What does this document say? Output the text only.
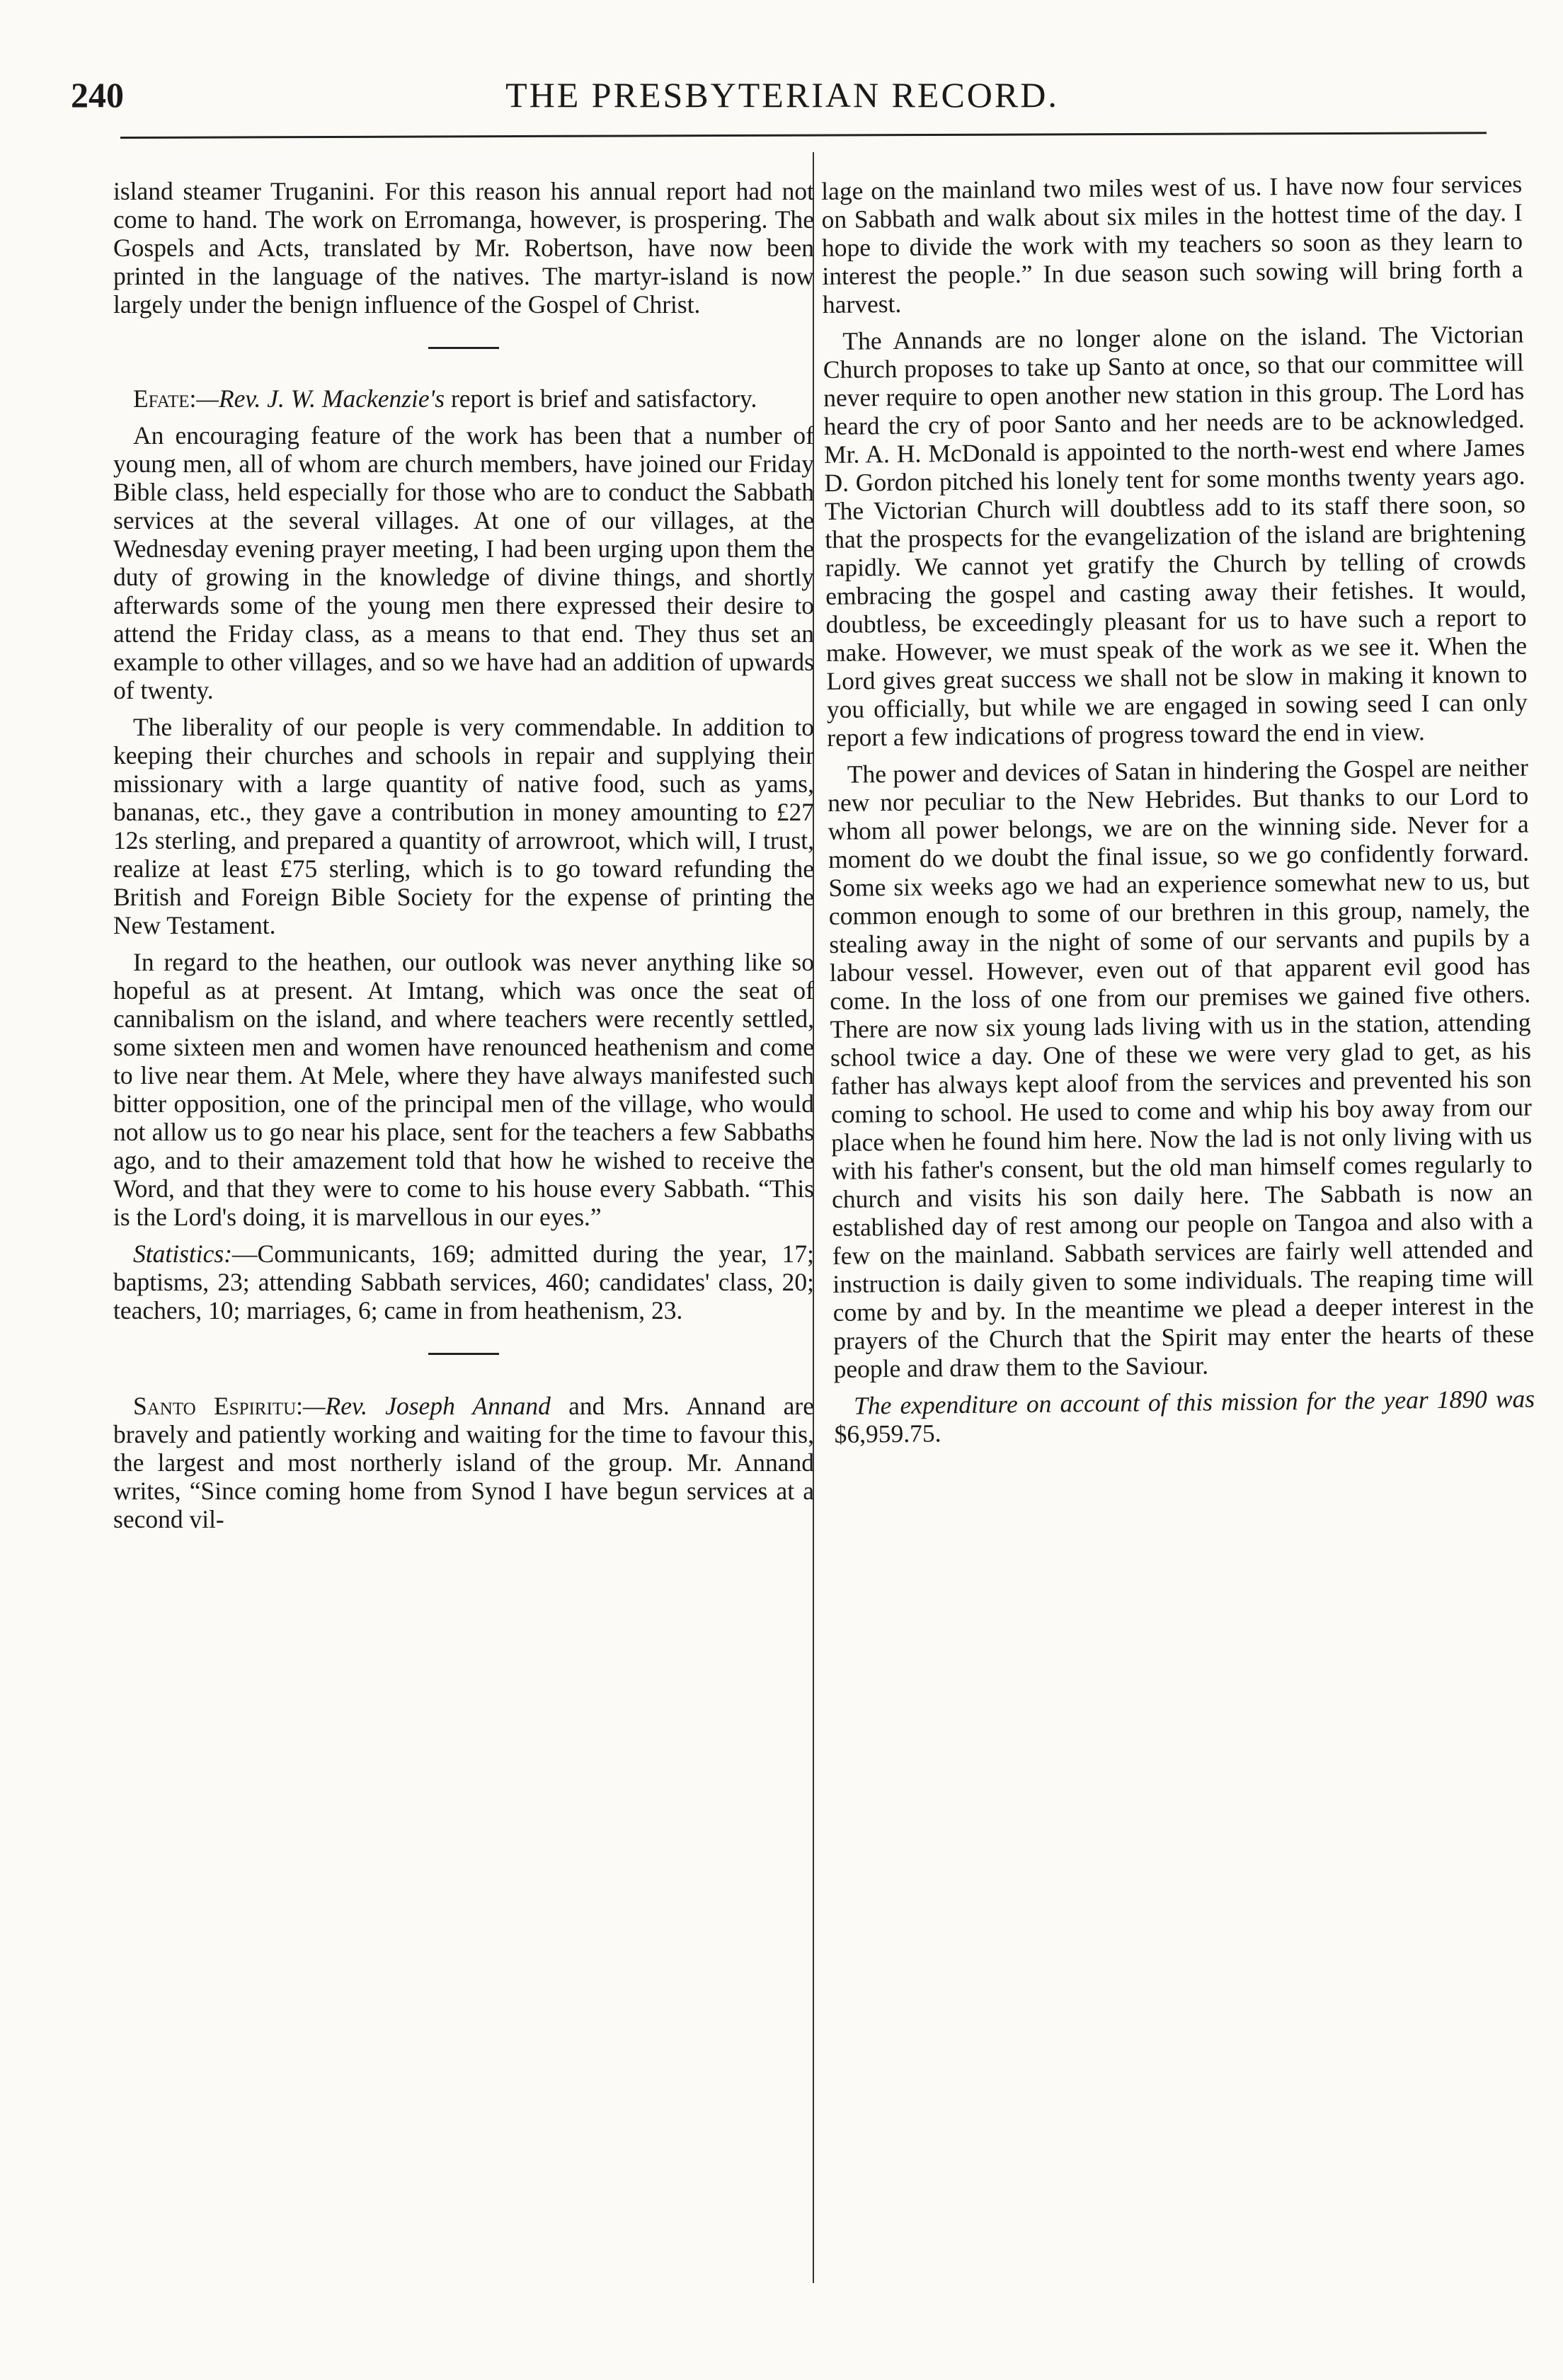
240	THE PRESBYTERIAN RECORD.

island steamer Truganini. For this reason his annual report had not come to hand. The work on Erromanga, however, is prospering. The Gospels and Acts, translated by Mr. Robertson, have now been printed in the language of the natives. The martyr-island is now largely under the benign influence of the Gospel of Christ.

Efate:—Rev. J. W. Mackenzie's report is brief and satisfactory.

An encouraging feature of the work has been that a number of young men, all of whom are church members, have joined our Friday Bible class, held especially for those who are to conduct the Sabbath services at the several villages. At one of our villages, at the Wednesday evening prayer meeting, I had been urging upon them the duty of growing in the knowledge of divine things, and shortly afterwards some of the young men there expressed their desire to attend the Friday class, as a means to that end. They thus set an example to other villages, and so we have had an addition of upwards of twenty.

The liberality of our people is very commendable. In addition to keeping their churches and schools in repair and supplying their missionary with a large quantity of native food, such as yams, bananas, etc., they gave a contribution in money amounting to £27 12s sterling, and prepared a quantity of arrowroot, which will, I trust, realize at least £75 sterling, which is to go toward refunding the British and Foreign Bible Society for the expense of printing the New Testament.

In regard to the heathen, our outlook was never anything like so hopeful as at present. At Imtang, which was once the seat of cannibalism on the island, and where teachers were recently settled, some sixteen men and women have renounced heathenism and come to live near them. At Mele, where they have always manifested such bitter opposition, one of the principal men of the village, who would not allow us to go near his place, sent for the teachers a few Sabbaths ago, and to their amazement told that how he wished to receive the Word, and that they were to come to his house every Sabbath. “This is the Lord's doing, it is marvellous in our eyes.”

Statistics:—Communicants, 169; admitted during the year, 17; baptisms, 23; attending Sabbath services, 460; candidates' class, 20; teachers, 10; marriages, 6; came in from heathenism, 23.

Santo Espiritu:—Rev. Joseph Annand and Mrs. Annand are bravely and patiently working and waiting for the time to favour this, the largest and most northerly island of the group. Mr. Annand writes, “Since coming home from Synod I have begun services at a second vil-

lage on the mainland two miles west of us. I have now four services on Sabbath and walk about six miles in the hottest time of the day. I hope to divide the work with my teachers so soon as they learn to interest the people.” In due season such sowing will bring forth a harvest.

The Annands are no longer alone on the island. The Victorian Church proposes to take up Santo at once, so that our committee will never require to open another new station in this group. The Lord has heard the cry of poor Santo and her needs are to be acknowledged. Mr. A. H. McDonald is appointed to the north-west end where James D. Gordon pitched his lonely tent for some months twenty years ago. The Victorian Church will doubtless add to its staff there soon, so that the prospects for the evangelization of the island are brightening rapidly. We cannot yet gratify the Church by telling of crowds embracing the gospel and casting away their fetishes. It would, doubtless, be exceedingly pleasant for us to have such a report to make. However, we must speak of the work as we see it. When the Lord gives great success we shall not be slow in making it known to you officially, but while we are engaged in sowing seed I can only report a few indications of progress toward the end in view.

The power and devices of Satan in hindering the Gospel are neither new nor peculiar to the New Hebrides. But thanks to our Lord to whom all power belongs, we are on the winning side. Never for a moment do we doubt the final issue, so we go confidently forward. Some six weeks ago we had an experience somewhat new to us, but common enough to some of our brethren in this group, namely, the stealing away in the night of some of our servants and pupils by a labour vessel. However, even out of that apparent evil good has come. In the loss of one from our premises we gained five others. There are now six young lads living with us in the station, attending school twice a day. One of these we were very glad to get, as his father has always kept aloof from the services and prevented his son coming to school. He used to come and whip his boy away from our place when he found him here. Now the lad is not only living with us with his father's consent, but the old man himself comes regularly to church and visits his son daily here. The Sabbath is now an established day of rest among our people on Tangoa and also with a few on the mainland. Sabbath services are fairly well attended and instruction is daily given to some individuals. The reaping time will come by and by. In the meantime we plead a deeper interest in the prayers of the Church that the Spirit may enter the hearts of these people and draw them to the Saviour.

The expenditure on account of this mission for the year 1890 was $6,959.75.
